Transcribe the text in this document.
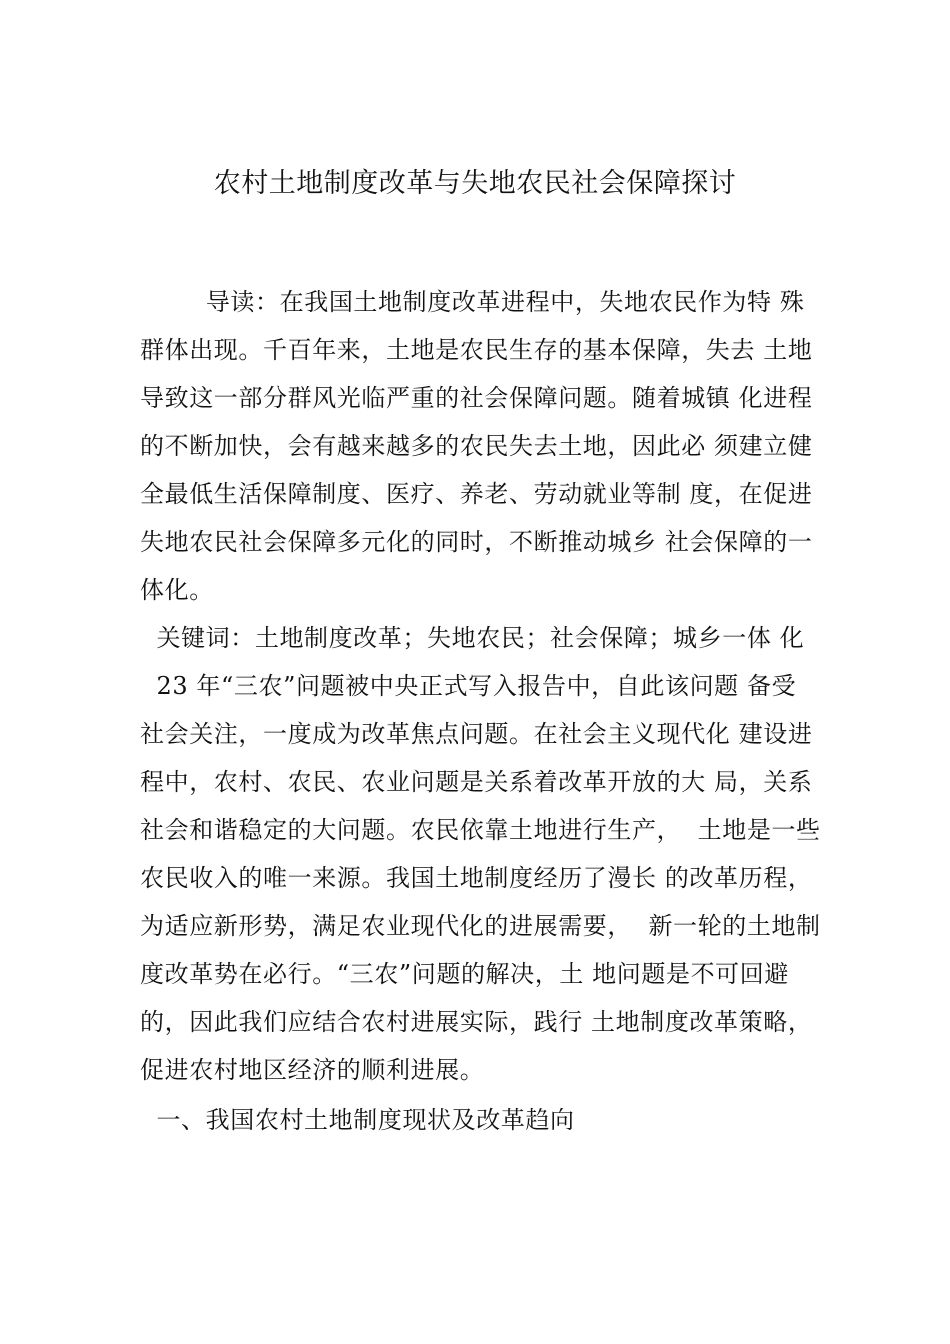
农村土地制度改革与失地农民社会保障探讨
导读：在我国土地制度改革进程中，失地农民作为特 殊
群体出现。千百年来，土地是农民生存的基本保障，失去 土地
导致这一部分群风光临严重的社会保障问题。随着城镇 化进程
的不断加快，会有越来越多的农民失去土地，因此必 须建立健
全最低生活保障制度、医疗、养老、劳动就业等制 度，在促进
失地农民社会保障多元化的同时，不断推动城乡 社会保障的一
体化。
关键词：土地制度改革；失地农民；社会保障；城乡一体 化
23 年“三农”问题被中央正式写入报告中，自此该问题 备受
社会关注，一度成为改革焦点问题。在社会主义现代化 建设进
程中，农村、农民、农业问题是关系着改革开放的大 局，关系
社会和谐稳定的大问题。农民依靠土地进行生产，  土地是一些
农民收入的唯一来源。我国土地制度经历了漫长 的改革历程，
为适应新形势，满足农业现代化的进展需要，  新一轮的土地制
度改革势在必行。“三农”问题的解决，土 地问题是不可回避
的，因此我们应结合农村进展实际，践行 土地制度改革策略，
促进农村地区经济的顺利进展。
一、我国农村土地制度现状及改革趋向
